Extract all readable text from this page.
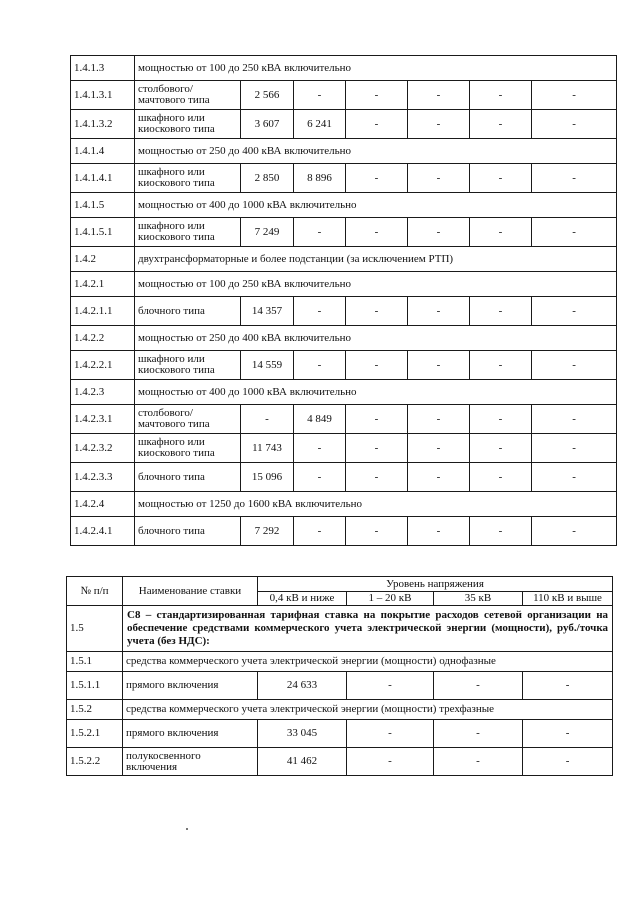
1.4.1.3	мощностью от 100 до 250 кВА включительно						
1.4.1.3.1	столбового/ мачтового типа	2 566	-	-	-	-	-
1.4.1.3.2	шкафного или киоскового типа	3 607	6 241	-	-	-	-
1.4.1.4	мощностью от 250 до 400 кВА включительно						
1.4.1.4.1	шкафного или киоскового типа	2 850	8 896	-	-	-	-
1.4.1.5	мощностью от 400 до 1000 кВА включительно						
1.4.1.5.1	шкафного или киоскового типа	7 249	-	-	-	-	-
1.4.2	двухтрансформаторные и более подстанции (за исключением РТП)						
1.4.2.1	мощностью от 100 до 250 кВА включительно						
1.4.2.1.1	блочного типа	14 357	-	-	-	-	-
1.4.2.2	мощностью от 250 до 400 кВА включительно						
1.4.2.2.1	шкафного или киоскового типа	14 559	-	-	-	-	-
1.4.2.3	мощностью от 400 до 1000 кВА включительно						
1.4.2.3.1	столбового/ мачтового типа	-	4 849	-	-	-	-
1.4.2.3.2	шкафного или киоскового типа	11 743	-	-	-	-	-
1.4.2.3.3	блочного типа	15 096	-	-	-	-	-
1.4.2.4	мощностью от 1250 до 1600 кВА включительно						
1.4.2.4.1	блочного типа	7 292	-	-	-	-	-
№ п/п	Наименование ставки	Уровень напряжения			
		0,4 кВ и ниже	1 – 20 кВ	35 кВ	110 кВ и выше
1.5	С8 – стандартизированная тарифная ставка на покрытие расходов сетевой организации на обеспечение средствами коммерческого учета электрической энергии (мощности), руб./точка учета (без НДС):				
1.5.1	средства коммерческого учета электрической энергии (мощности) однофазные				
1.5.1.1	прямого включения	24 633	-	-	-
1.5.2	средства коммерческого учета электрической энергии (мощности) трехфазные				
1.5.2.1	прямого включения	33 045	-	-	-
1.5.2.2	полукосвенного включения	41 462	-	-	-
